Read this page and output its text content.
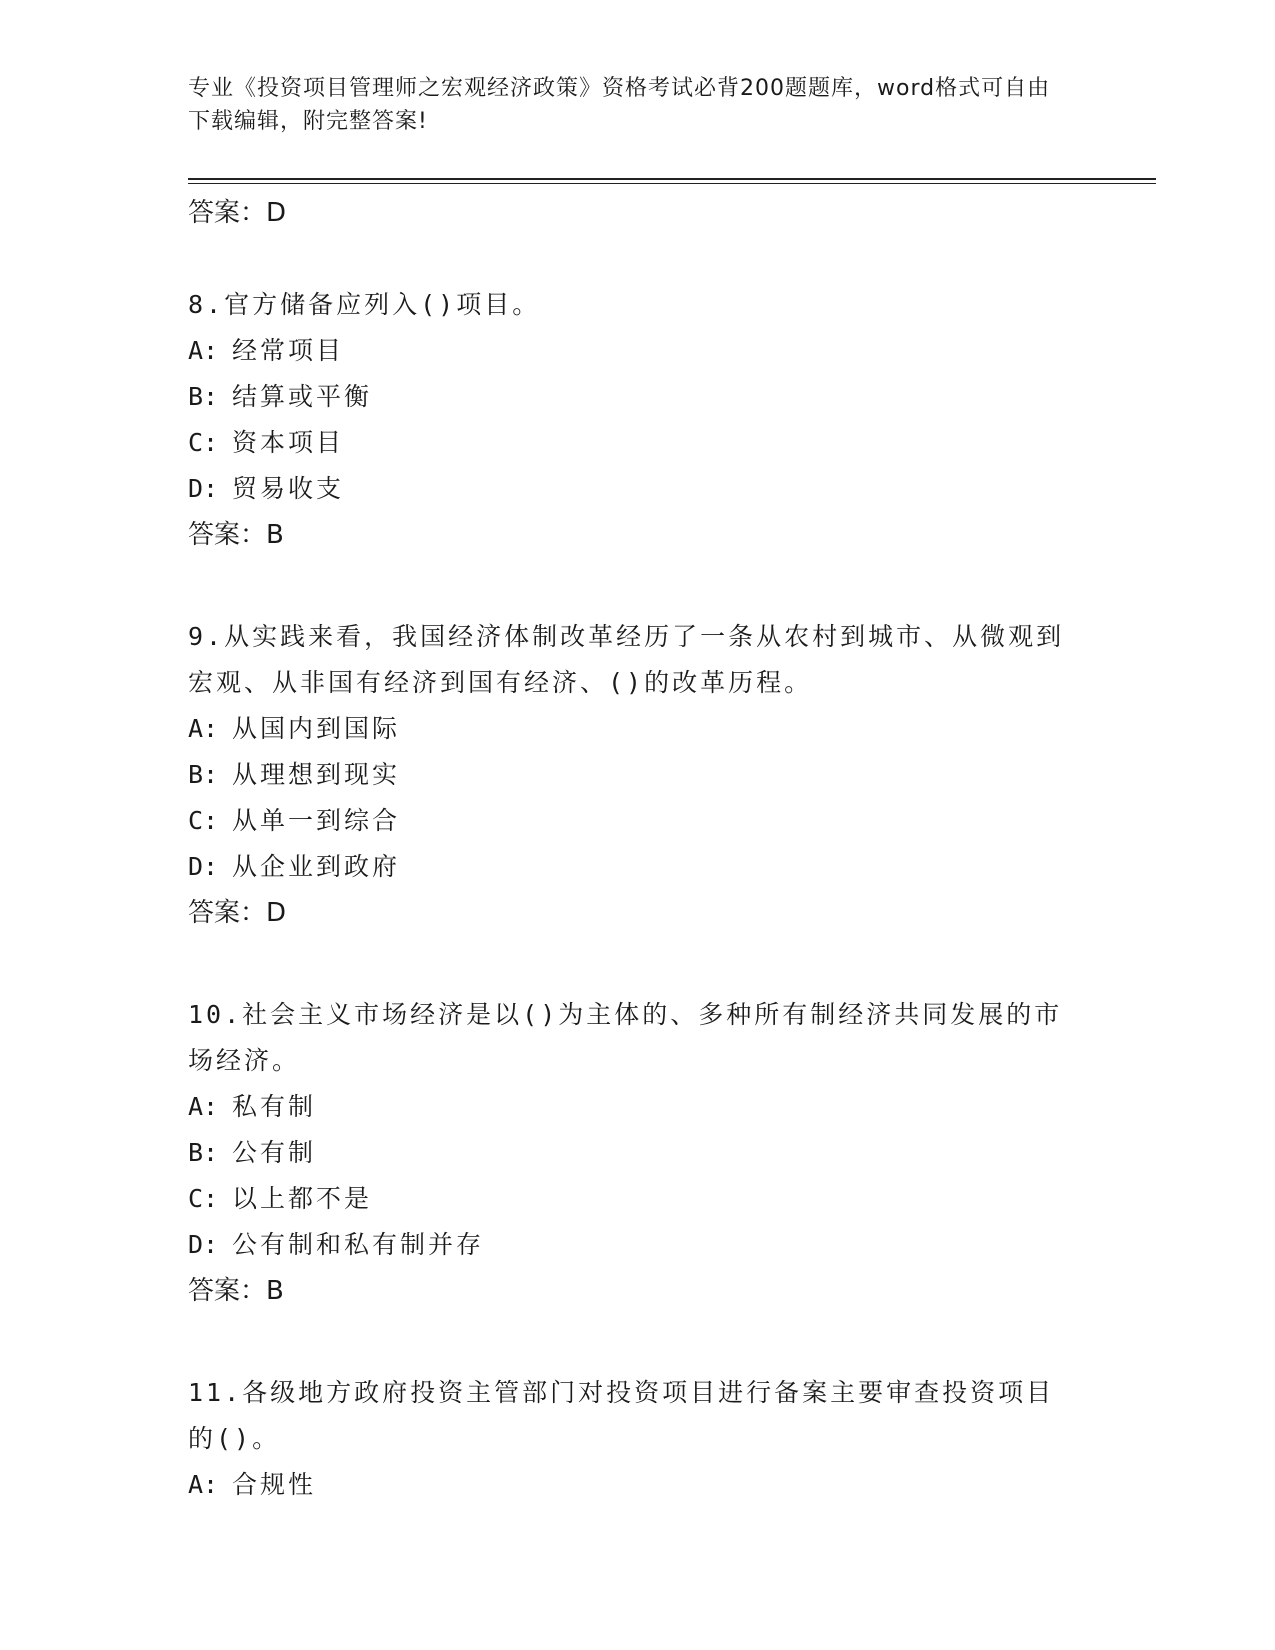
专业《投资项目管理师之宏观经济政策》资格考试必背200题题库，word格式可自由下载编辑，附完整答案!
答案：D
8.官方储备应列入()项目。
A: 经常项目
B: 结算或平衡
C: 资本项目
D: 贸易收支
答案：B
9.从实践来看，我国经济体制改革经历了一条从农村到城市、从微观到宏观、从非国有经济到国有经济、()的改革历程。
A: 从国内到国际
B: 从理想到现实
C: 从单一到综合
D: 从企业到政府
答案：D
10.社会主义市场经济是以()为主体的、多种所有制经济共同发展的市场经济。
A: 私有制
B: 公有制
C: 以上都不是
D: 公有制和私有制并存
答案：B
11.各级地方政府投资主管部门对投资项目进行备案主要审查投资项目的()。
A: 合规性
